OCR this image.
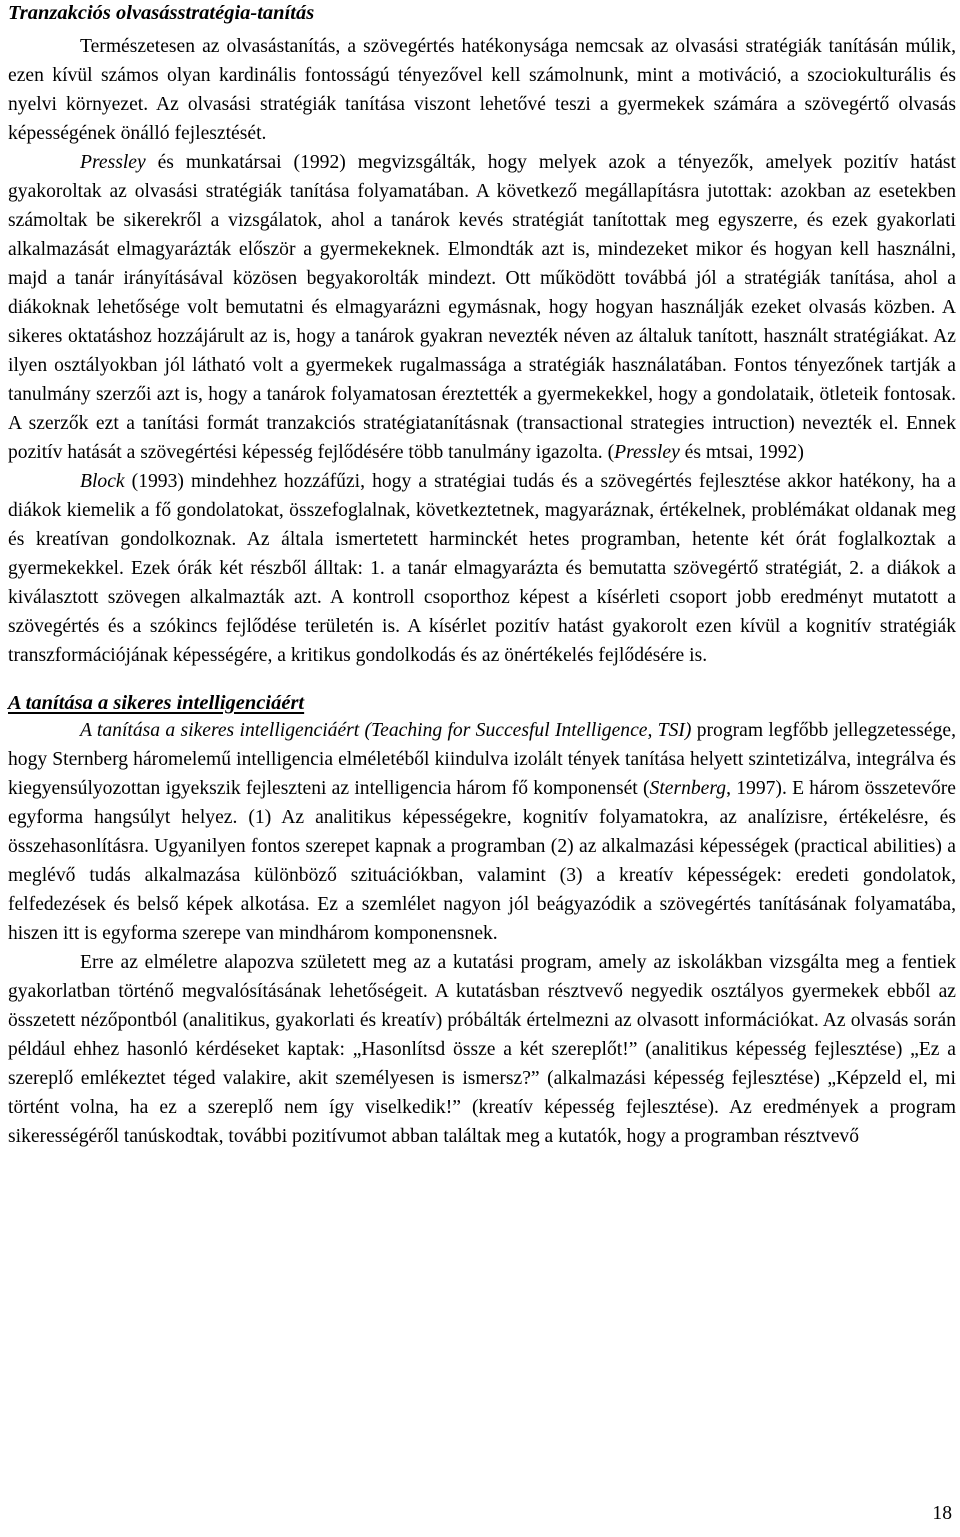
Tranzakciós olvasásstratégia-tanítás

Természetesen az olvasástanítás, a szövegértés hatékonysága nemcsak az olvasási stratégiák tanításán múlik, ezen kívül számos olyan kardinális fontosságú tényezővel kell számolnunk, mint a motiváció, a szociokulturális és nyelvi környezet. Az olvasási stratégiák tanítása viszont lehetővé teszi a gyermekek számára a szövegértő olvasás képességének önálló fejlesztését.

Pressley és munkatársai (1992) megvizsgálták, hogy melyek azok a tényezők, amelyek pozitív hatást gyakoroltak az olvasási stratégiák tanítása folyamatában. A következő megállapításra jutottak: azokban az esetekben számoltak be sikerekről a vizsgálatok, ahol a tanárok kevés stratégiát tanítottak meg egyszerre, és ezek gyakorlati alkalmazását elmagyarázták először a gyermekeknek. Elmondták azt is, mindezeket mikor és hogyan kell használni, majd a tanár irányításával közösen begyakorolták mindezt. Ott működött továbbá jól a stratégiák tanítása, ahol a diákoknak lehetősége volt bemutatni és elmagyarázni egymásnak, hogy hogyan használják ezeket olvasás közben. A sikeres oktatáshoz hozzájárult az is, hogy a tanárok gyakran nevezték néven az általuk tanított, használt stratégiákat. Az ilyen osztályokban jól látható volt a gyermekek rugalmassága a stratégiák használatában. Fontos tényezőnek tartják a tanulmány szerzői azt is, hogy a tanárok folyamatosan éreztették a gyermekekkel, hogy a gondolataik, ötleteik fontosak. A szerzők ezt a tanítási formát tranzakciós stratégiatanításnak (transactional strategies intruction) nevezték el. Ennek pozitív hatását a szövegértési képesség fejlődésére több tanulmány igazolta. (Pressley és mtsai, 1992)

Block (1993) mindehhez hozzáfűzi, hogy a stratégiai tudás és a szövegértés fejlesztése akkor hatékony, ha a diákok kiemelik a fő gondolatokat, összefoglalnak, következtetnek, magyaráznak, értékelnek, problémákat oldanak meg és kreatívan gondolkoznak. Az általa ismertetett harminckét hetes programban, hetente két órát foglalkoztak a gyermekekkel. Ezek órák két részből álltak: 1. a tanár elmagyarázta és bemutatta szövegértő stratégiát, 2. a diákok a kiválasztott szövegen alkalmazták azt. A kontroll csoporthoz képest a kísérleti csoport jobb eredményt mutatott a szövegértés és a szókincs fejlődése területén is. A kísérlet pozitív hatást gyakorolt ezen kívül a kognitív stratégiák transzformációjának képességére, a kritikus gondolkodás és az önértékelés fejlődésére is.

A tanítása a sikeres intelligenciáért

A tanítása a sikeres intelligenciáért (Teaching for Succesful Intelligence, TSI) program legfőbb jellegzetessége, hogy Sternberg háromelemű intelligencia elméletéből kiindulva izolált tények tanítása helyett szintetizálva, integrálva és kiegyensúlyozottan igyekszik fejleszteni az intelligencia három fő komponensét (Sternberg, 1997). E három összetevőre egyforma hangsúlyt helyez. (1) Az analitikus képességekre, kognitív folyamatokra, az analízisre, értékelésre, és összehasonlításra. Ugyanilyen fontos szerepet kapnak a programban (2) az alkalmazási képességek (practical abilities) a meglévő tudás alkalmazása különböző szituációkban, valamint (3) a kreatív képességek: eredeti gondolatok, felfedezések és belső képek alkotása. Ez a szemlélet nagyon jól beágyazódik a szövegértés tanításának folyamatába, hiszen itt is egyforma szerepe van mindhárom komponensnek.

Erre az elméletre alapozva született meg az a kutatási program, amely az iskolákban vizsgálta meg a fentiek gyakorlatban történő megvalósításának lehetőségeit. A kutatásban résztvevő negyedik osztályos gyermekek ebből az összetett nézőpontból (analitikus, gyakorlati és kreatív) próbálták értelmezni az olvasott információkat. Az olvasás során például ehhez hasonló kérdéseket kaptak: „Hasonlítsd össze a két szereplőt!” (analitikus képesség fejlesztése) „Ez a szereplő emlékeztet téged valakire, akit személyesen is ismersz?” (alkalmazási képesség fejlesztése) „Képzeld el, mi történt volna, ha ez a szereplő nem így viselkedik!” (kreatív képesség fejlesztése). Az eredmények a program sikerességéről tanúskodtak, további pozitívumot abban találtak meg a kutatók, hogy a programban résztvevő

18
